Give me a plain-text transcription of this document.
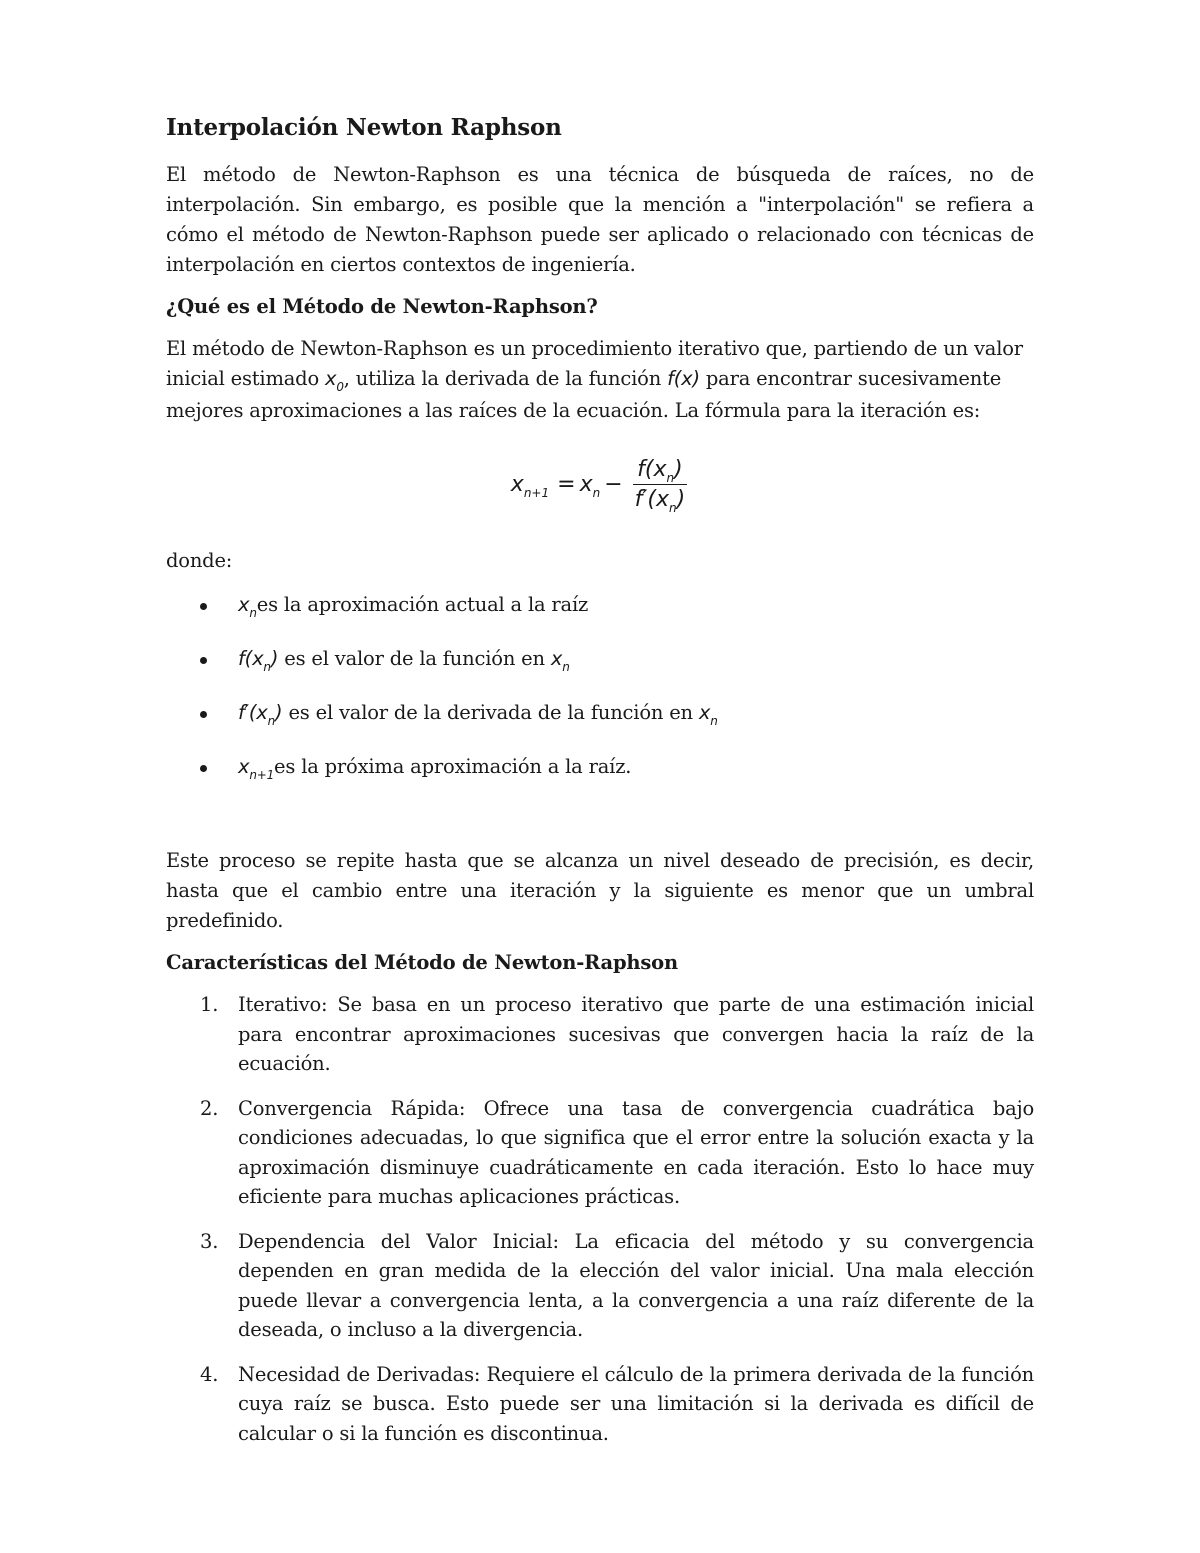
Interpolación Newton Raphson

El método de Newton-Raphson es una técnica de búsqueda de raíces, no de interpolación. Sin embargo, es posible que la mención a "interpolación" se refiera a cómo el método de Newton-Raphson puede ser aplicado o relacionado con técnicas de interpolación en ciertos contextos de ingeniería.

¿Qué es el Método de Newton-Raphson?

El método de Newton-Raphson es un procedimiento iterativo que, partiendo de un valor inicial estimado $x_0$, utiliza la derivada de la función f(x) para encontrar sucesivamente mejores aproximaciones a las raíces de la ecuación. La fórmula para la iteración es:

$x_{n+1} = x_n - \frac{f(x_n)}{f'(x_n)}$

donde:

$x_nes$ la aproximación actual a la raíz
$f(x_n)$ es el valor de la función en $x_n$
$f'(x_n)$ es el valor de la derivada de la función en $x_n$
$x_{n+1}es$ la próxima aproximación a la raíz.

Este proceso se repite hasta que se alcanza un nivel deseado de precisión, es decir, hasta que el cambio entre una iteración y la siguiente es menor que un umbral predefinido.

Características del Método de Newton-Raphson
1. Iterativo: Se basa en un proceso iterativo que parte de una estimación inicial para encontrar aproximaciones sucesivas que convergen hacia la raíz de la ecuación.
2. Convergencia Rápida: Ofrece una tasa de convergencia cuadrática bajo condiciones adecuadas, lo que significa que el error entre la solución exacta y la aproximación disminuye cuadráticamente en cada iteración. Esto lo hace muy eficiente para muchas aplicaciones prácticas.
3. Dependencia del Valor Inicial: La eficacia del método y su convergencia dependen en gran medida de la elección del valor inicial. Una mala elección puede llevar a convergencia lenta, a la convergencia a una raíz diferente de la deseada, o incluso a la divergencia.
4. Necesidad de Derivadas: Requiere el cálculo de la primera derivada de la función cuya raíz se busca. Esto puede ser una limitación si la derivada es difícil de calcular o si la función es discontinua.
